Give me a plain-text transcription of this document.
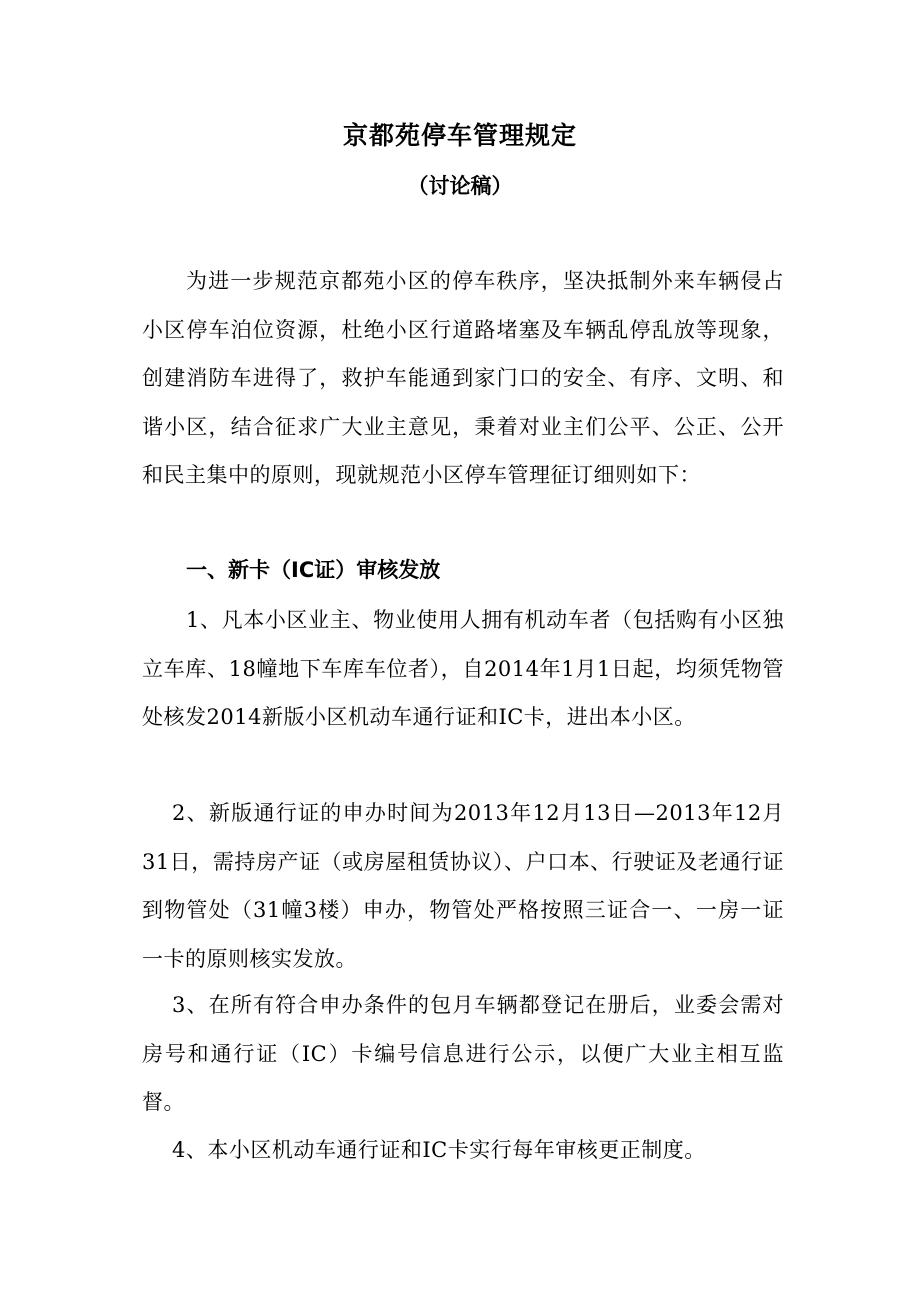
京都苑停车管理规定
（讨论稿）

为进一步规范京都苑小区的停车秩序，坚决抵制外来车辆侵占小区停车泊位资源，杜绝小区行道路堵塞及车辆乱停乱放等现象，创建消防车进得了，救护车能通到家门口的安全、有序、文明、和谐小区，结合征求广大业主意见，秉着对业主们公平、公正、公开和民主集中的原则，现就规范小区停车管理征订细则如下：

一、新卡（IC证）审核发放

1、凡本小区业主、物业使用人拥有机动车者（包括购有小区独立车库、18幢地下车库车位者），自2014年1月1日起，均须凭物管处核发2014新版小区机动车通行证和IC卡，进出本小区。

2、新版通行证的申办时间为2013年12月13日—2013年12月31日，需持房产证（或房屋租赁协议）、户口本、行驶证及老通行证到物管处（31幢3楼）申办，物管处严格按照三证合一、一房一证一卡的原则核实发放。

3、在所有符合申办条件的包月车辆都登记在册后，业委会需对房号和通行证（IC）卡编号信息进行公示，以便广大业主相互监督。

4、本小区机动车通行证和IC卡实行每年审核更正制度。
